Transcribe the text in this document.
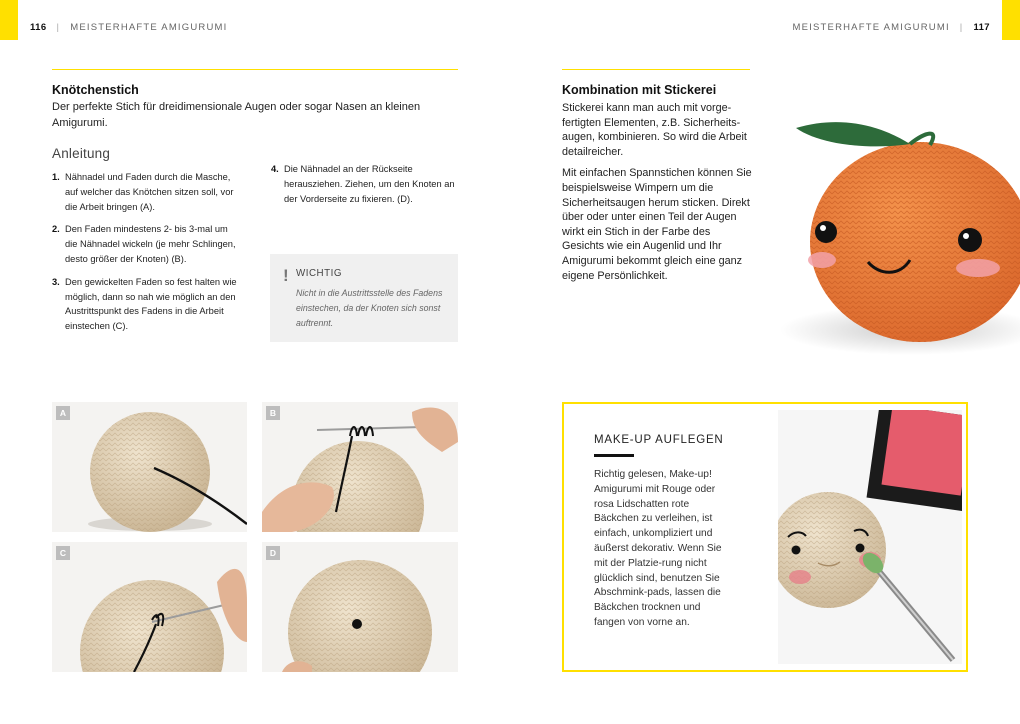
116 | MEISTERHAFTE AMIGURUMI	MEISTERHAFTE AMIGURUMI | 117
Knötchenstich
Der perfekte Stich für dreidimensionale Augen oder sogar Nasen an kleinen Amigurumi.
Anleitung
1. Nähnadel und Faden durch die Masche, auf welcher das Knötchen sitzen soll, vor die Arbeit bringen (A).
2. Den Faden mindestens 2- bis 3-mal um die Nähnadel wickeln (je mehr Schlingen, desto größer der Knoten) (B).
3. Den gewickelten Faden so fest halten wie möglich, dann so nah wie möglich an den Austrittspunkt des Fadens in die Arbeit einstechen (C).
4. Die Nähnadel an der Rückseite herausziehen. Ziehen, um den Knoten an der Vorderseite zu fixieren. (D).
! WICHTIG
Nicht in die Austrittsstelle des Fadens einstechen, da der Knoten sich sonst auftrennt.
A	B
C	D
Kombination mit Stickerei

Stickerei kann man auch mit vorge-fertigten Elementen, z.B. Sicherheits-augen, kombinieren. So wird die Arbeit detailreicher.

Mit einfachen Spannstichen können Sie beispielsweise Wimpern um die Sicherheitsaugen herum sticken. Direkt über oder unter einen Teil der Augen wirkt ein Stich in der Farbe des Gesichts wie ein Augenlid und Ihr Amigurumi bekommt gleich eine ganz eigene Persönlichkeit.

MAKE-UP AUFLEGEN
Richtig gelesen, Make-up! Amigurumi mit Rouge oder rosa Lidschatten rote Bäckchen zu verleihen, ist einfach, unkompliziert und äußerst dekorativ. Wenn Sie mit der Platzie-rung nicht glücklich sind, benutzen Sie Abschmink-pads, lassen die Bäckchen trocknen und fangen von vorne an.
